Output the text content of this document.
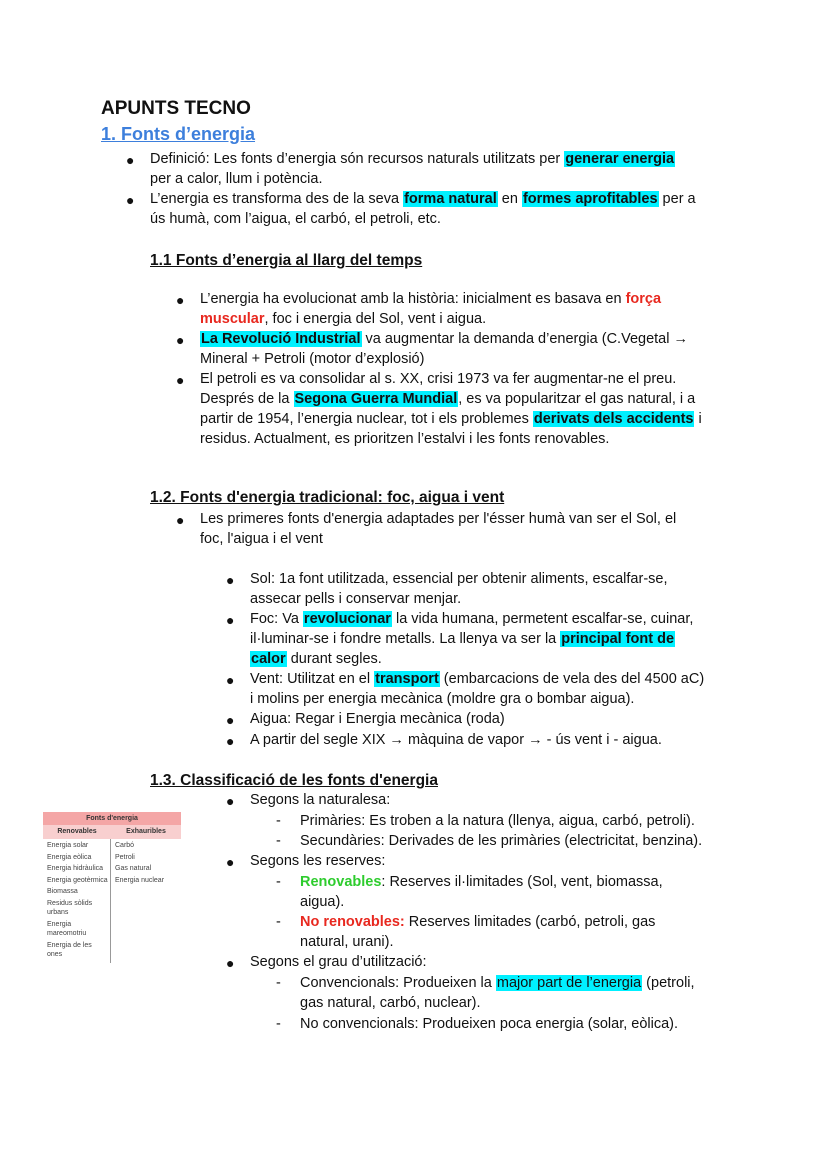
APUNTS TECNO
1. Fonts d’energia
● Definició: Les fonts d’energia són recursos naturals utilitzats per generar energia
per a calor, llum i potència.
● L’energia es transforma des de la seva forma natural en formes aprofitables per a
ús humà, com l’aigua, el carbó, el petroli, etc.
1.1 Fonts d’energia al llarg del temps
● L’energia ha evolucionat amb la història: inicialment es basava en força
muscular, foc i energia del Sol, vent i aigua.
● La Revolució Industrial va augmentar la demanda d’energia (C.Vegetal →
Mineral + Petroli (motor d’explosió)
● El petroli es va consolidar al s. XX, crisi 1973 va fer augmentar-ne el preu.
Després de la Segona Guerra Mundial, es va popularitzar el gas natural, i a
partir de 1954, l’energia nuclear, tot i els problemes derivats dels accidents i
residus. Actualment, es prioritzen l’estalvi i les fonts renovables.
1.2. Fonts d'energia tradicional: foc, aigua i vent
● Les primeres fonts d'energia adaptades per l'ésser humà van ser el Sol, el
foc, l'aigua i el vent
● Sol: 1a font utilitzada, essencial per obtenir aliments, escalfar-se,
assecar pells i conservar menjar.
● Foc: Va revolucionar la vida humana, permetent escalfar-se, cuinar,
il·luminar-se i fondre metalls. La llenya va ser la principal font de
calor durant segles.
● Vent: Utilitzat en el transport (embarcacions de vela des del 4500 aC)
i molins per energia mecànica (moldre gra o bombar aigua).
● Aigua: Regar i Energia mecànica (roda)
● A partir del segle XIX → màquina de vapor → - ús vent i - aigua.
1.3. Classificació de les fonts d'energia
● Segons la naturalesa:
- Primàries: Es troben a la natura (llenya, aigua, carbó, petroli).
- Secundàries: Derivades de les primàries (electricitat, benzina).
● Segons les reserves:
- Renovables: Reserves il·limitades (Sol, vent, biomassa,
aigua).
- No renovables: Reserves limitades (carbó, petroli, gas
natural, urani).
● Segons el grau d’utilització:
- Convencionals: Produeixen la major part de l’energia (petroli,
gas natural, carbó, nuclear).
- No convencionals: Produeixen poca energia (solar, eòlica).
Fonts d'energia
Renovables	Exhauribles
Energia solar
Energia eòlica
Energia hidràulica
Energia geotèrmica
Biomassa
Residus sòlids urbans
Energia mareomotriu
Energia de les ones
Carbó
Petroli
Gas natural
Energia nuclear
